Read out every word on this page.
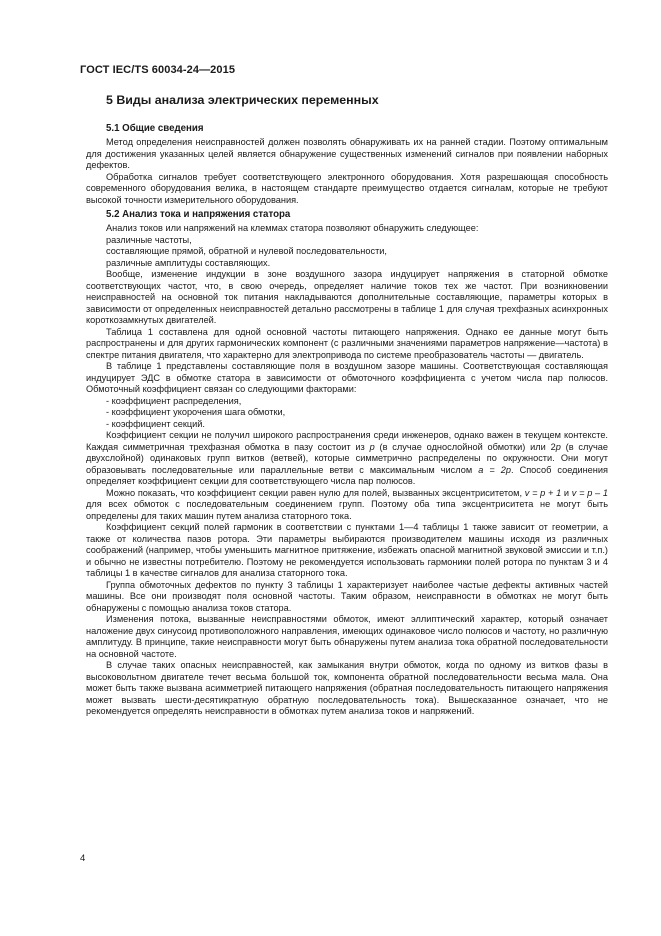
ГОСТ IEC/TS 60034-24—2015
5 Виды анализа электрических переменных
5.1 Общие сведения

Метод определения неисправностей должен позволять обнаруживать их на ранней стадии. Поэтому оптимальным для достижения указанных целей является обнаружение существенных изменений сигналов при появлении наборных дефектов.

Обработка сигналов требует соответствующего электронного оборудования. Хотя разрешающая способность современного оборудования велика, в настоящем стандарте преимущество отдается сигналам, которые не требуют высокой точности измерительного оборудования.

5.2 Анализ тока и напряжения статора

Анализ токов или напряжений на клеммах статора позволяют обнаружить следующее:

различные частоты,

составляющие прямой, обратной и нулевой последовательности,

различные амплитуды составляющих.

Вообще, изменение индукции в зоне воздушного зазора индуцирует напряжения в статорной обмотке соответствующих частот, что, в свою очередь, определяет наличие токов тех же частот. При возникновении неисправностей на основной ток питания накладываются дополнительные составляющие, параметры которых в зависимости от определенных неисправностей детально рассмотрены в таблице 1 для случая трехфазных асинхронных короткозамкнутых двигателей.

Таблица 1 составлена для одной основной частоты питающего напряжения. Однако ее данные могут быть распространены и для других гармонических компонент (с различными значениями параметров напряжение—частота) в спектре питания двигателя, что характерно для электропривода по системе преобразователь частоты — двигатель.

В таблице 1 представлены составляющие поля в воздушном зазоре машины. Соответствующая составляющая индуцирует ЭДС в обмотке статора в зависимости от обмоточного коэффициента с учетом числа пар полюсов. Обмоточный коэффициент связан со следующими факторами:

- коэффициент распределения,

- коэффициент укорочения шага обмотки,

- коэффициент секций.

Коэффициент секции не получил широкого распространения среди инженеров, однако важен в текущем контексте. Каждая симметричная трехфазная обмотка в пазу состоит из p (в случае однослойной обмотки) или 2p (в случае двухслойной) одинаковых групп витков (ветвей), которые симметрично распределены по окружности. Они могут образовывать последовательные или параллельные ветви с максимальным числом a = 2p. Способ соединения определяет коэффициент секции для соответствующего числа пар полюсов.

Можно показать, что коэффициент секции равен нулю для полей, вызванных эксцентриситетом, v = p + 1 и v = p – 1 для всех обмоток с последовательным соединением групп. Поэтому оба типа эксцентриситета не могут быть определены для таких машин путем анализа статорного тока.

Коэффициент секций полей гармоник в соответствии с пунктами 1—4 таблицы 1 также зависит от геометрии, а также от количества пазов ротора. Эти параметры выбираются производителем машины исходя из различных соображений (например, чтобы уменьшить магнитное притяжение, избежать опасной магнитной звуковой эмиссии и т.п.) и обычно не известны потребителю. Поэтому не рекомендуется использовать гармоники полей ротора по пунктам 3 и 4 таблицы 1 в качестве сигналов для анализа статорного тока.

Группа обмоточных дефектов по пункту 3 таблицы 1 характеризует наиболее частые дефекты активных частей машины. Все они производят поля основной частоты. Таким образом, неисправности в обмотках не могут быть обнаружены с помощью анализа токов статора.

Изменения потока, вызванные неисправностями обмоток, имеют эллиптический характер, который означает наложение двух синусоид противоположного направления, имеющих одинаковое число полюсов и частоту, но различную амплитуду. В принципе, такие неисправности могут быть обнаружены путем анализа тока обратной последовательности на основной частоте.

В случае таких опасных неисправностей, как замыкания внутри обмоток, когда по одному из витков фазы в высоковольтном двигателе течет весьма большой ток, компонента обратной последовательности весьма мала. Она может быть также вызвана асимметрией питающего напряжения (обратная последовательность питающего напряжения может вызвать шести-десятикратную обратную последовательность тока). Вышесказанное означает, что не рекомендуется определять неисправности в обмотках путем анализа токов и напряжений.

4
